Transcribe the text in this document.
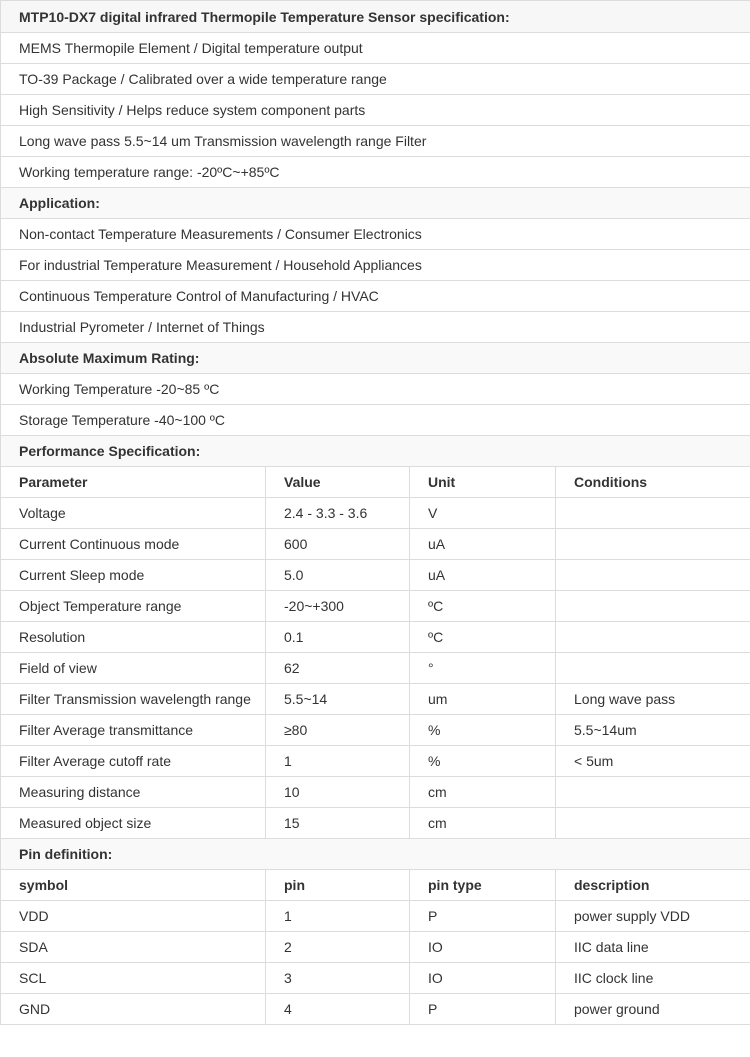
MTP10-DX7 digital infrared Thermopile Temperature Sensor specification:			
MEMS Thermopile Element / Digital temperature output			
TO-39 Package / Calibrated over a wide temperature range			
High Sensitivity / Helps reduce system component parts			
Long wave pass 5.5~14 um Transmission wavelength range Filter			
Working temperature range: -20ºC~+85ºC			
Application:			
Non-contact Temperature Measurements / Consumer Electronics			
For industrial Temperature Measurement / Household Appliances			
Continuous Temperature Control of Manufacturing / HVAC			
Industrial Pyrometer / Internet of Things			
Absolute Maximum Rating:			
Working Temperature -20~85 ºC			
Storage Temperature -40~100 ºC			
Performance Specification:			
Parameter	Value	Unit	Conditions
Voltage	2.4 - 3.3 - 3.6	V	
Current Continuous mode	600	uA	
Current Sleep mode	5.0	uA	
Object Temperature range	-20~+300	ºC	
Resolution	0.1	ºC	
Field of view	62	°	
Filter Transmission wavelength range	5.5~14	um	Long wave pass
Filter Average transmittance	≥80	%	5.5~14um
Filter Average cutoff rate	1	%	< 5um
Measuring distance	10	cm	
Measured object size	15	cm	
Pin definition:			
symbol	pin	pin type	description
VDD	1	P	power supply VDD
SDA	2	IO	IIC data line
SCL	3	IO	IIC clock line
GND	4	P	power ground
